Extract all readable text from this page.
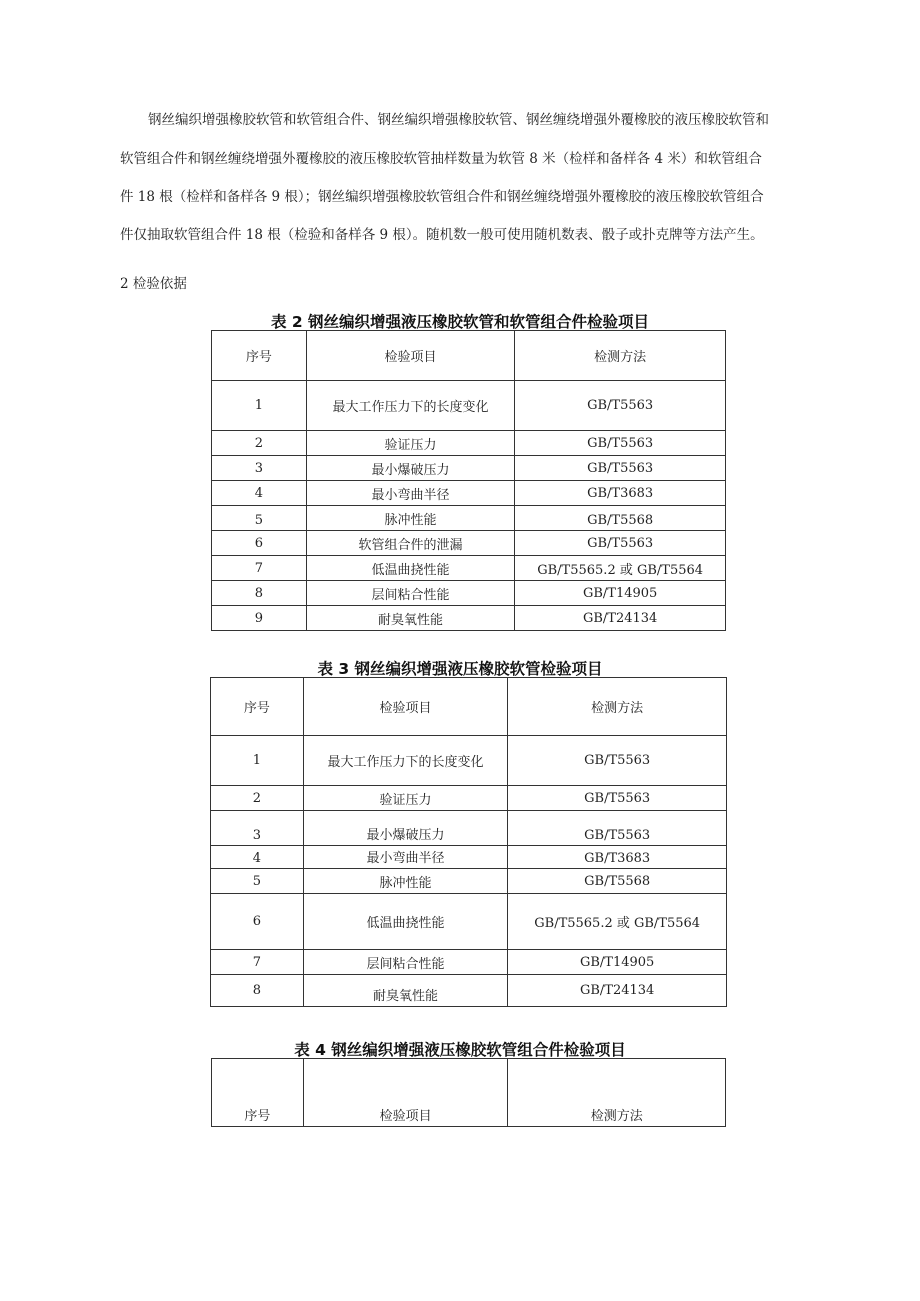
钢丝编织增强橡胶软管和软管组合件、钢丝编织增强橡胶软管、钢丝缠绕增强外覆橡胶的液压橡胶软管和
软管组合件和钢丝缠绕增强外覆橡胶的液压橡胶软管抽样数量为软管 8 米（检样和备样各 4 米）和软管组合
件 18 根（检样和备样各 9 根）；钢丝编织增强橡胶软管组合件和钢丝缠绕增强外覆橡胶的液压橡胶软管组合
件仅抽取软管组合件 18 根（检验和备样各 9 根）。随机数一般可使用随机数表、骰子或扑克牌等方法产生。
2 检验依据
表 2 钢丝编织增强液压橡胶软管和软管组合件检验项目
序号	检验项目	检测方法
1	最大工作压力下的长度变化	GB/T5563
2	验证压力	GB/T5563
3	最小爆破压力	GB/T5563
4	最小弯曲半径	GB/T3683
5	脉冲性能	GB/T5568
6	软管组合件的泄漏	GB/T5563
7	低温曲挠性能	GB/T5565.2 或 GB/T5564
8	层间粘合性能	GB/T14905
9	耐臭氧性能	GB/T24134
表 3 钢丝编织增强液压橡胶软管检验项目
序号	检验项目	检测方法
1	最大工作压力下的长度变化	GB/T5563
2	验证压力	GB/T5563
3	最小爆破压力	GB/T5563
4	最小弯曲半径	GB/T3683
5	脉冲性能	GB/T5568
6	低温曲挠性能	GB/T5565.2 或 GB/T5564
7	层间粘合性能	GB/T14905
8	耐臭氧性能	GB/T24134
表 4 钢丝编织增强液压橡胶软管组合件检验项目
序号	检验项目	检测方法
